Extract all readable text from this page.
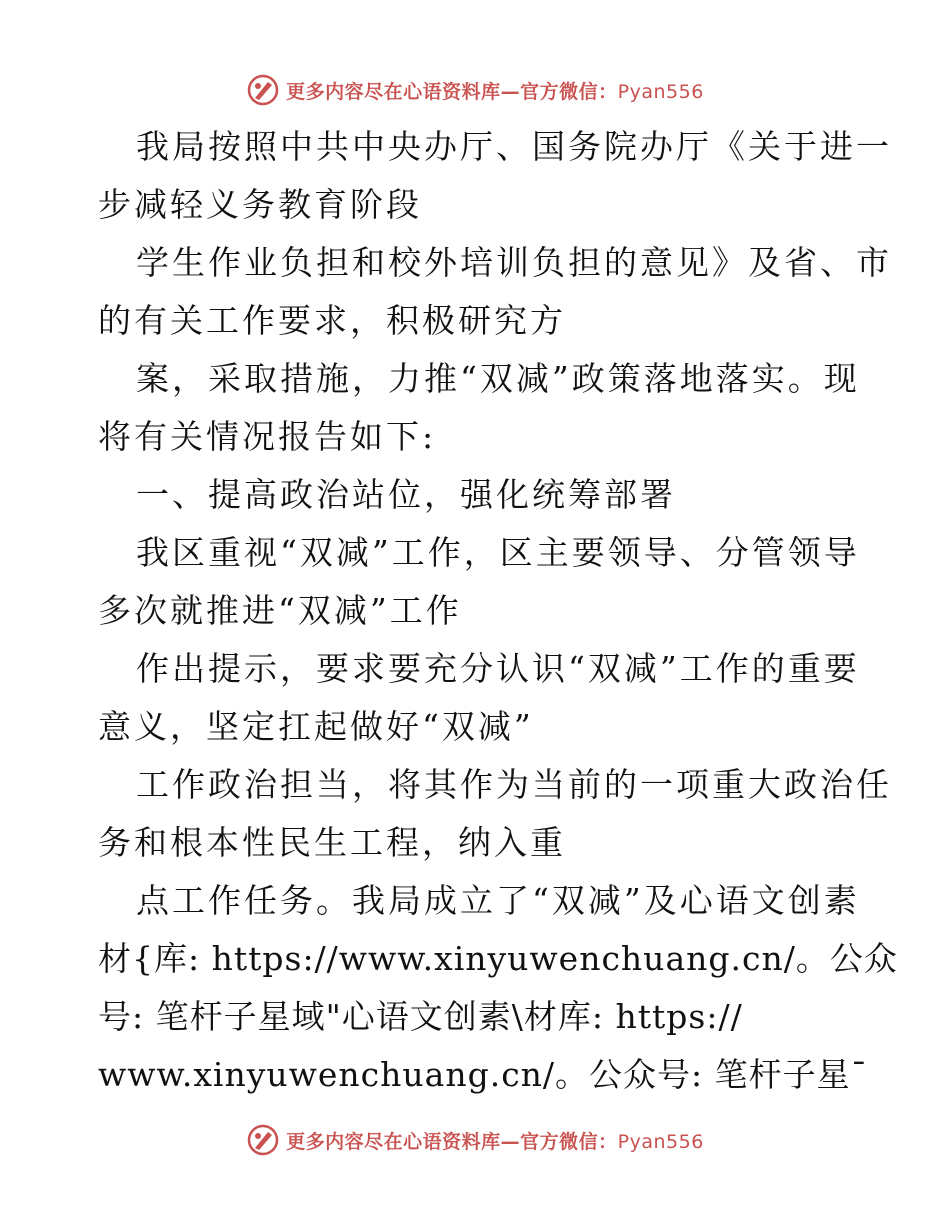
更多内容尽在心语资料库—官方微信：Pyan556
我局按照中共中央办厅、国务院办厅《关于进一
步减轻义务教育阶段
学生作业负担和校外培训负担的意见》及省、市
的有关工作要求，积极研究方
案，采取措施，力推“双减”政策落地落实。现
将有关情况报告如下:
一、提高政治站位，强化统筹部署
我区重视“双减”工作，区主要领导、分管领导
多次就推进“双减”工作
作出提示，要求要充分认识“双减”工作的重要
意义，坚定扛起做好“双减”
工作政治担当，将其作为当前的一项重大政治任
务和根本性民生工程，纳入重
点工作任务。我局成立了“双减”及心语文创素
材{库: https://www.xinyuwenchuang.cn/。公众
号: 笔杆子星域"心语文创素\材库: https://
www.xinyuwenchuang.cn/。公众号: 笔杆子星¯
更多内容尽在心语资料库—官方微信：Pyan556
